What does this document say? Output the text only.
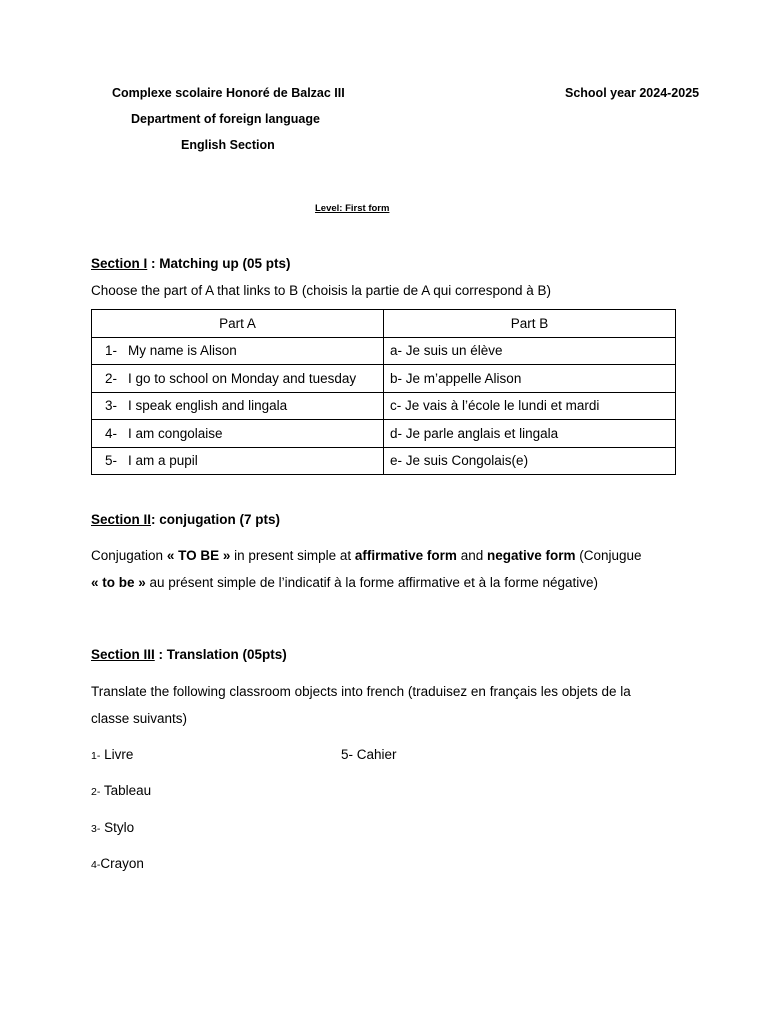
Complexe scolaire Honoré de Balzac III	School year 2024-2025
Department of foreign language
English Section
Level: First form
Section I : Matching up (05 pts)
Choose the part of A that links to B (choisis la partie de A qui correspond à B)
Part A	Part B
1- My name is Alison	a- Je suis un élève
2- I go to school on Monday and tuesday	b- Je m’appelle Alison
3- I speak english and lingala	c- Je vais à l’école le lundi et mardi
4- I am congolaise	d- Je parle anglais et lingala
5- I am a pupil	e- Je suis Congolais(e)
Section II: conjugation (7 pts)
Conjugation « TO BE » in present simple at affirmative form and negative form (Conjugue
« to be » au présent simple de l’indicatif à la forme affirmative et à la forme négative)
Section III : Translation (05pts)
Translate the following classroom objects into french (traduisez en français les objets de la
classe suivants)
1- Livre
2- Tableau
3- Stylo
4-Crayon
5- Cahier
